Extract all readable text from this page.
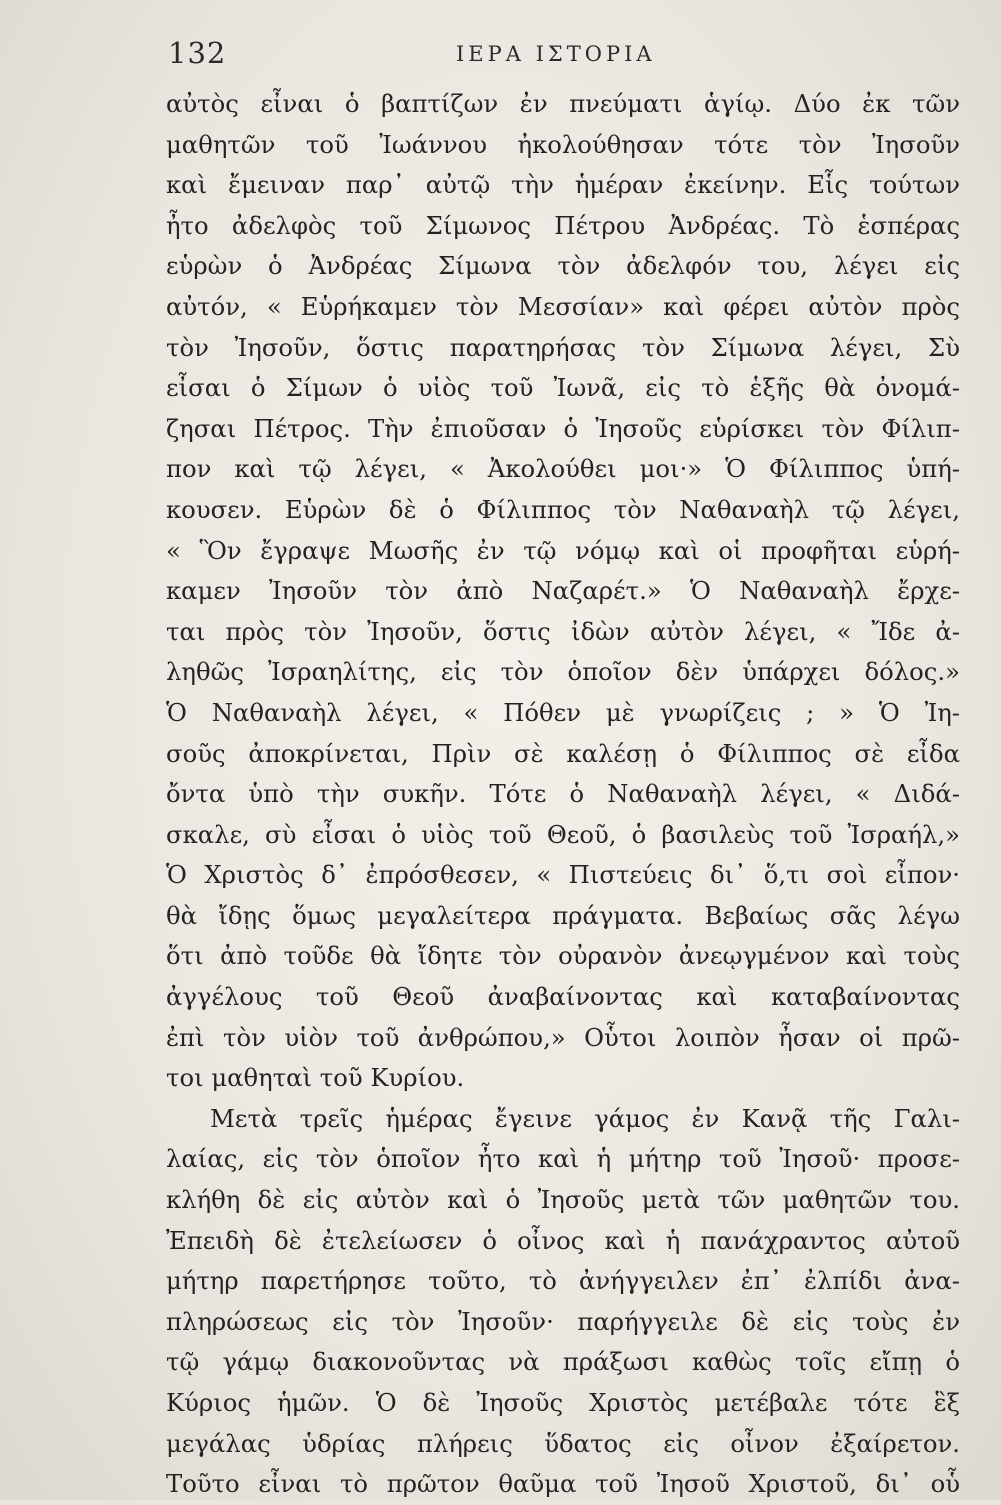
132	ΙΕΡΑ ΙΣΤΟΡΙΑ
αὐτὸς εἶναι ὁ βαπτίζων ἐν πνεύματι ἁγίῳ. Δύο ἐκ τῶν
μαθητῶν τοῦ Ἰωάννου ἠκολούθησαν τότε τὸν Ἰησοῦν
καὶ ἔμειναν παρ᾽ αὐτῷ τὴν ἡμέραν ἐκείνην. Εἷς τούτων
ἦτο ἀδελφὸς τοῦ Σίμωνος Πέτρου Ἀνδρέας. Τὸ ἑσπέρας
εὑρὼν ὁ Ἀνδρέας Σίμωνα τὸν ἀδελφόν του, λέγει εἰς
αὐτόν, « Εὑρήκαμεν τὸν Μεσσίαν» καὶ φέρει αὐτὸν πρὸς
τὸν Ἰησοῦν, ὅστις παρατηρήσας τὸν Σίμωνα λέγει, Σὺ
εἶσαι ὁ Σίμων ὁ υἱὸς τοῦ Ἰωνᾶ, εἰς τὸ ἑξῆς θὰ ὀνομά-
ζησαι Πέτρος. Τὴν ἐπιοῦσαν ὁ Ἰησοῦς εὑρίσκει τὸν Φίλιπ-
πον καὶ τῷ λέγει, « Ἀκολούθει μοι·» Ὁ Φίλιππος ὑπή-
κουσεν. Εὑρὼν δὲ ὁ Φίλιππος τὸν Ναθαναὴλ τῷ λέγει,
« Ὃν ἔγραψε Μωσῆς ἐν τῷ νόμῳ καὶ οἱ προφῆται εὑρή-
καμεν Ἰησοῦν τὸν ἀπὸ Ναζαρέτ.» Ὁ Ναθαναὴλ ἔρχε-
ται πρὸς τὸν Ἰησοῦν, ὅστις ἰδὼν αὐτὸν λέγει, « Ἴδε ἀ-
ληθῶς Ἰσραηλίτης, εἰς τὸν ὁποῖον δὲν ὑπάρχει δόλος.»
Ὁ Ναθαναὴλ λέγει, « Πόθεν μὲ γνωρίζεις ; » Ὁ Ἰη-
σοῦς ἀποκρίνεται, Πρὶν σὲ καλέσῃ ὁ Φίλιππος σὲ εἶδα
ὄντα ὑπὸ τὴν συκῆν. Τότε ὁ Ναθαναὴλ λέγει, « Διδά-
σκαλε, σὺ εἶσαι ὁ υἱὸς τοῦ Θεοῦ, ὁ βασιλεὺς τοῦ Ἰσραήλ,»
Ὁ Χριστὸς δ᾽ ἐπρόσθεσεν, « Πιστεύεις δι᾽ ὅ,τι σοὶ εἶπον·
θὰ ἴδῃς ὅμως μεγαλείτερα πράγματα. Βεβαίως σᾶς λέγω
ὅτι ἀπὸ τοῦδε θὰ ἴδητε τὸν οὐρανὸν ἀνεῳγμένον καὶ τοὺς
ἀγγέλους τοῦ Θεοῦ ἀναβαίνοντας καὶ καταβαίνοντας
ἐπὶ τὸν υἱὸν τοῦ ἀνθρώπου,» Οὗτοι λοιπὸν ἦσαν οἱ πρῶ-
τοι μαθηταὶ τοῦ Κυρίου.
Μετὰ τρεῖς ἡμέρας ἔγεινε γάμος ἐν Κανᾷ τῆς Γαλι-
λαίας, εἰς τὸν ὁποῖον ἦτο καὶ ἡ μήτηρ τοῦ Ἰησοῦ· προσε-
κλήθη δὲ εἰς αὐτὸν καὶ ὁ Ἰησοῦς μετὰ τῶν μαθητῶν του.
Ἐπειδὴ δὲ ἐτελείωσεν ὁ οἶνος καὶ ἡ πανάχραντος αὐτοῦ
μήτηρ παρετήρησε τοῦτο, τὸ ἀνήγγειλεν ἐπ᾽ ἐλπίδι ἀνα-
πληρώσεως εἰς τὸν Ἰησοῦν· παρήγγειλε δὲ εἰς τοὺς ἐν
τῷ γάμῳ διακονοῦντας νὰ πράξωσι καθὼς τοῖς εἴπῃ ὁ
Κύριος ἡμῶν. Ὁ δὲ Ἰησοῦς Χριστὸς μετέβαλε τότε ἓξ
μεγάλας ὑδρίας πλήρεις ὕδατος εἰς οἶνον ἐξαίρετον.
Τοῦτο εἶναι τὸ πρῶτον θαῦμα τοῦ Ἰησοῦ Χριστοῦ, δι᾽ οὗ
